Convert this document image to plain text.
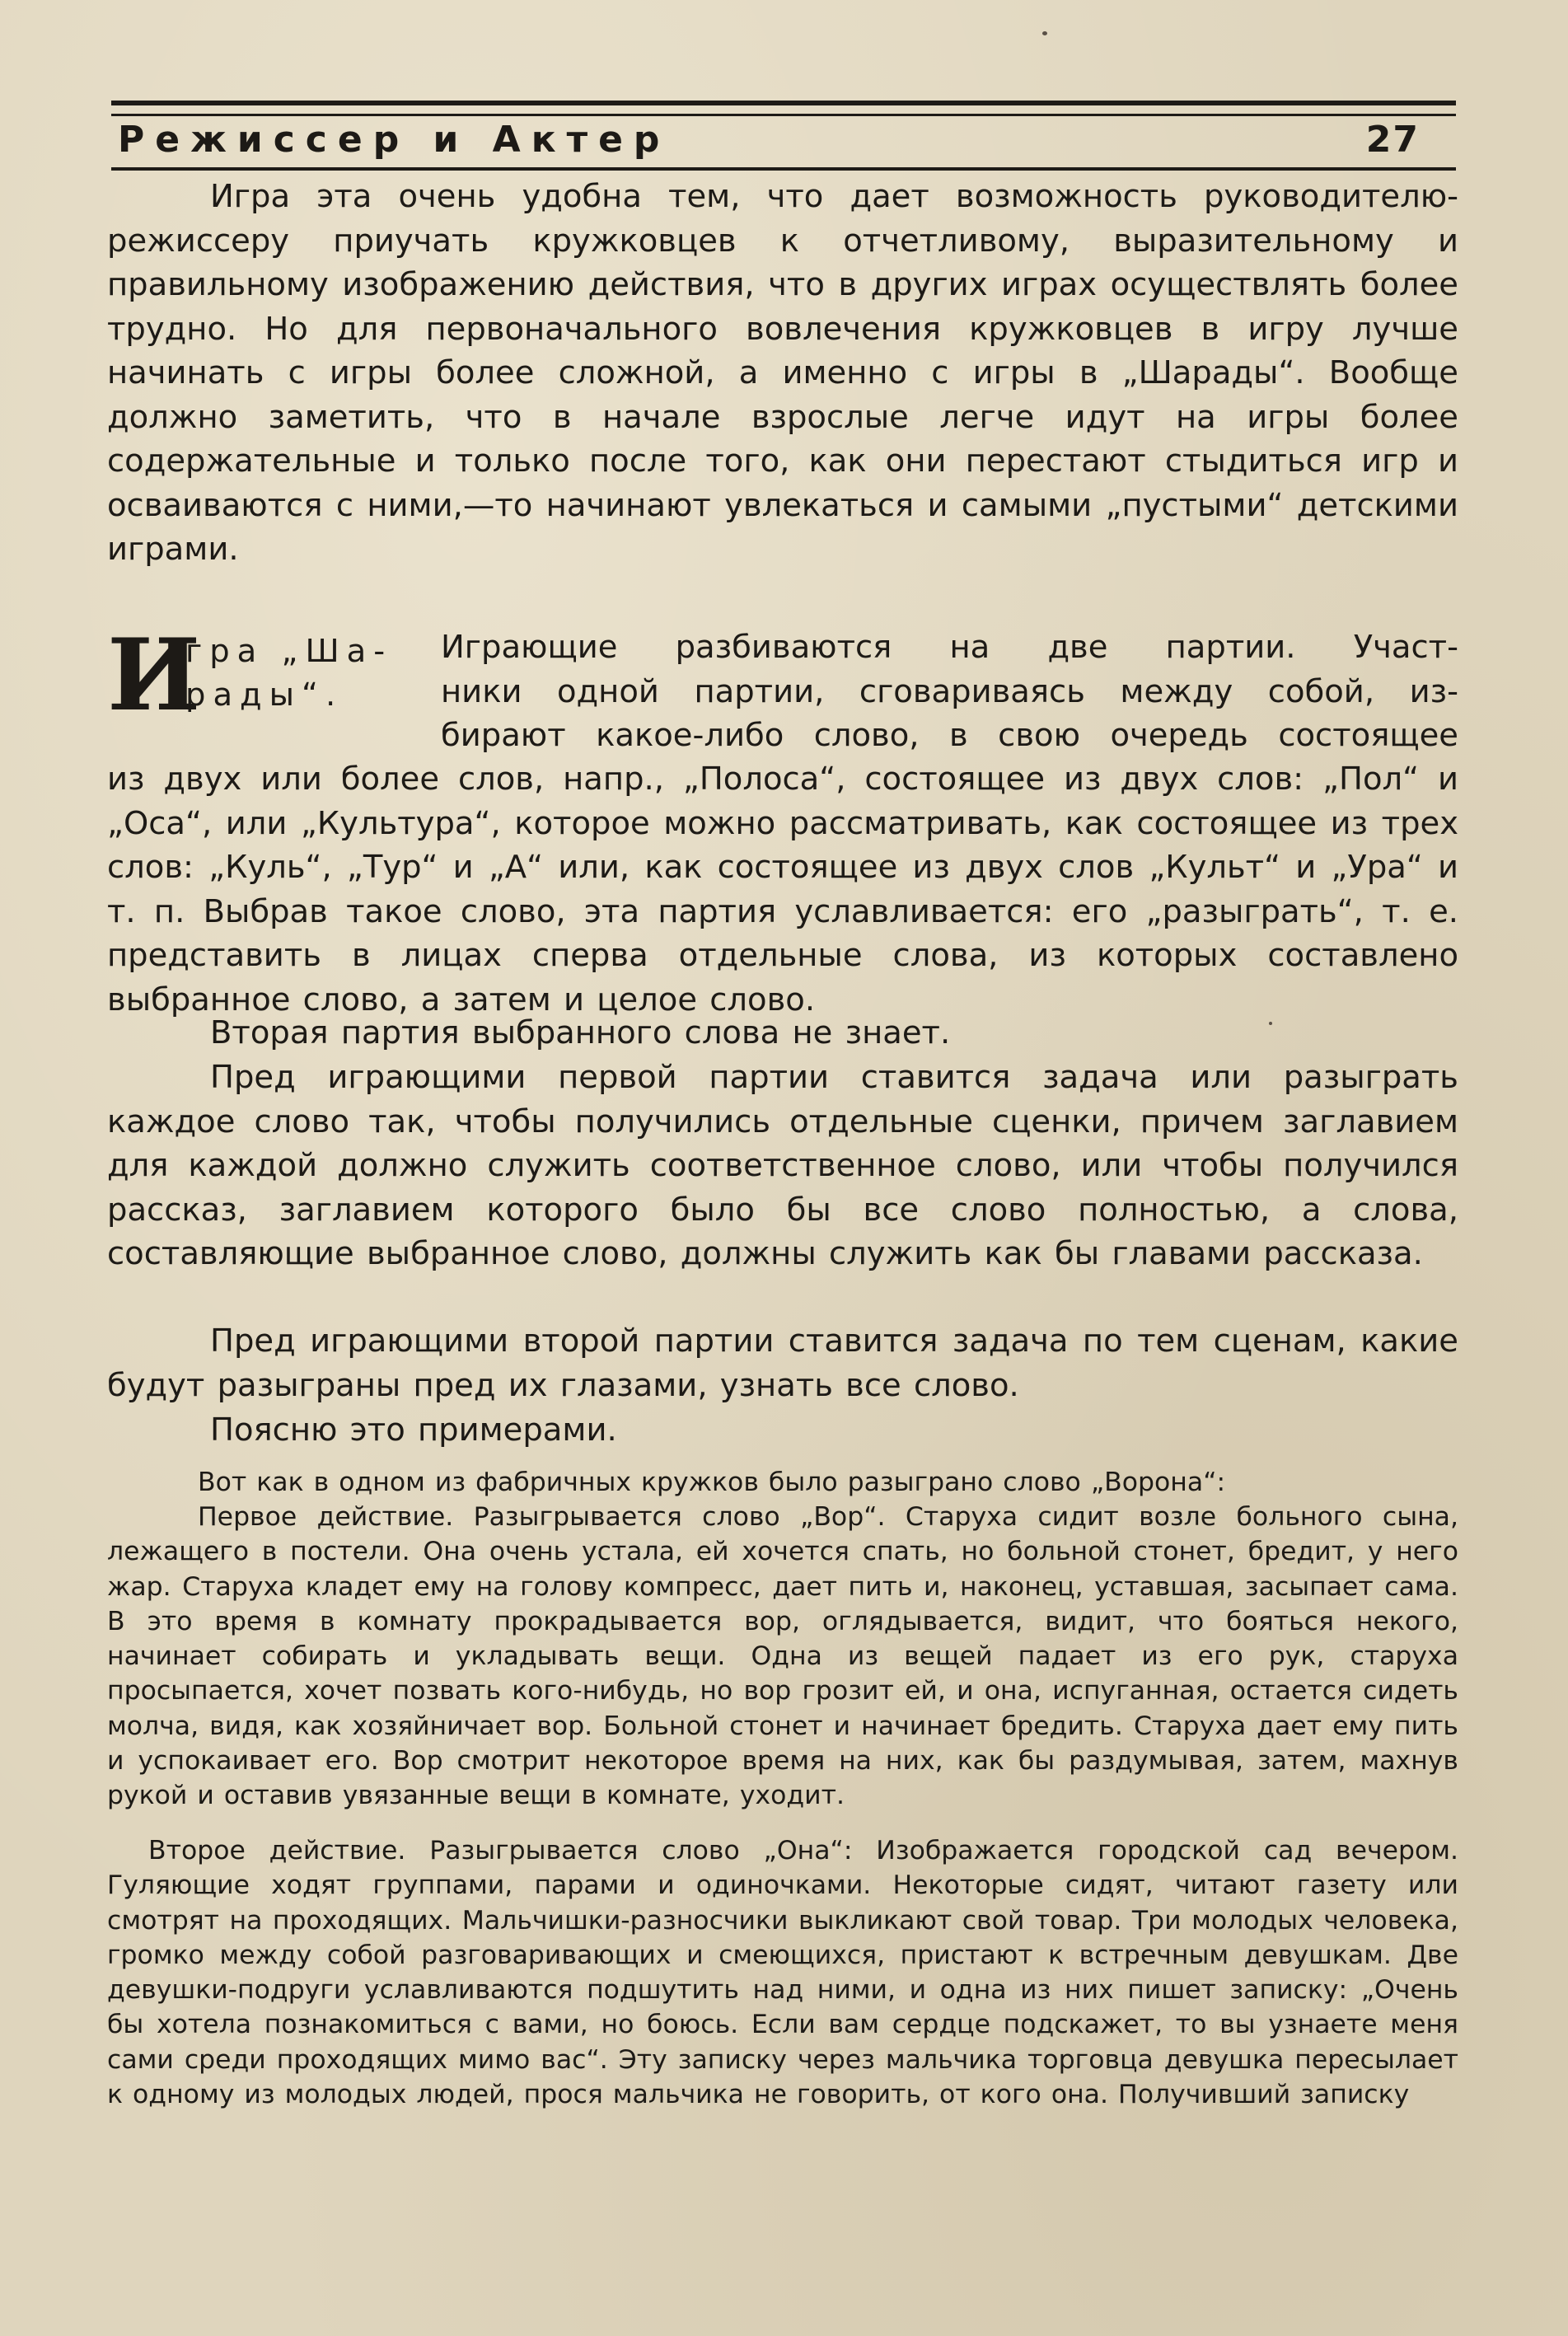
Режиссер и Актер	27

Игра эта очень удобна тем, что дает возможность руководителю-режиссеру приучать кружковцев к отчетливому, выразительному и правильному изображению действия, что в других играх осуществлять более трудно. Но для первоначального вовлечения кружковцев в игру лучше начинать с игры более сложной, а именно с игры в „Шарады“. Вообще должно заметить, что в начале взрослые легче идут на игры более содержательные и только после того, как они перестают стыдиться игр и осваиваются с ними,—то начинают увлекаться и самыми „пустыми“ детскими играми.

И
гра „Ша-
рады“.
Играющие разбиваются на две партии. Участ-
ники одной партии, сговариваясь между собой, из-
бирают какое-либо слово, в свою очередь состоящее

из двух или более слов, напр., „Полоса“, состоящее из двух слов: „Пол“ и „Оса“, или „Культура“, которое можно рассматривать, как состоящее из трех слов: „Куль“, „Тур“ и „А“ или, как состоящее из двух слов „Культ“ и „Ура“ и т. п. Выбрав такое слово, эта партия уславливается: его „разыграть“, т. е. представить в лицах сперва отдельные слова, из которых составлено выбранное слово, а затем и целое слово.

Вторая партия выбранного слова не знает.

Пред играющими первой партии ставится задача или разыграть каждое слово так, чтобы получились отдельные сценки, причем заглавием для каждой должно служить соответственное слово, или чтобы получился рассказ, заглавием которого было бы все слово полностью, а слова, составляющие выбранное слово, должны служить как бы главами рассказа.

Пред играющими второй партии ставится задача по тем сценам, какие будут разыграны пред их глазами, узнать все слово.

Поясню это примерами.

Вот как в одном из фабричных кружков было разыграно слово „Ворона“:

Первое действие. Разыгрывается слово „Вор“. Старуха сидит возле больного сына, лежащего в постели. Она очень устала, ей хочется спать, но больной стонет, бредит, у него жар. Старуха кладет ему на голову компресс, дает пить и, наконец, уставшая, засыпает сама. В это время в комнату прокрадывается вор, оглядывается, видит, что бояться некого, начинает собирать и укладывать вещи. Одна из вещей падает из его рук, старуха просыпается, хочет позвать кого-нибудь, но вор грозит ей, и она, испуганная, остается сидеть молча, видя, как хозяйничает вор. Больной стонет и начинает бредить. Старуха дает ему пить и успокаивает его. Вор смотрит некоторое время на них, как бы раздумывая, затем, махнув рукой и оставив увязанные вещи в комнате, уходит.

Второе действие. Разыгрывается слово „Она“: Изображается городской сад вечером. Гуляющие ходят группами, парами и одиночками. Некоторые сидят, читают газету или смотрят на проходящих. Мальчишки-разносчики выкликают свой товар. Три молодых человека, громко между собой разговаривающих и смеющихся, пристают к встречным девушкам. Две девушки-подруги уславливаются подшутить над ними, и одна из них пишет записку: „Очень бы хотела познакомиться с вами, но боюсь. Если вам сердце подскажет, то вы узнаете меня сами среди проходящих мимо вас“. Эту записку через мальчика торговца девушка пересылает к одному из молодых людей, прося мальчика не говорить, от кого она. Получивший записку
